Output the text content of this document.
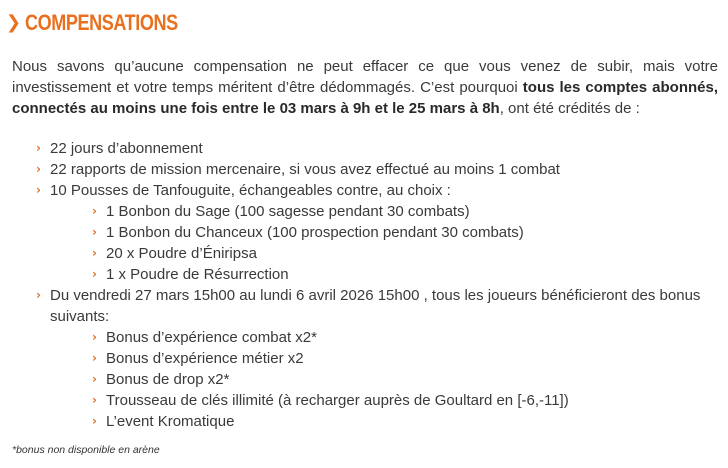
❯ COMPENSATIONS

Nous savons qu’aucune compensation ne peut effacer ce que vous venez de subir, mais votre investissement et votre temps méritent d’être dédommagés. C’est pourquoi tous les comptes abonnés, connectés au moins une fois entre le 03 mars à 9h et le 25 mars à 8h, ont été crédités de :

› 22 jours d’abonnement
› 22 rapports de mission mercenaire, si vous avez effectué au moins 1 combat
› 10 Pousses de Tanfouguite, échangeables contre, au choix :
› 1 Bonbon du Sage (100 sagesse pendant 30 combats)
› 1 Bonbon du Chanceux (100 prospection pendant 30 combats)
› 20 x Poudre d’Éniripsa
› 1 x Poudre de Résurrection
› Du vendredi 27 mars 15h00 au lundi 6 avril 2026 15h00 , tous les joueurs bénéficieront des bonus suivants:
› Bonus d’expérience combat x2*
› Bonus d’expérience métier x2
› Bonus de drop x2*
› Trousseau de clés illimité (à recharger auprès de Goultard en [-6,-11])
› L’event Kromatique
*bonus non disponible en arène
